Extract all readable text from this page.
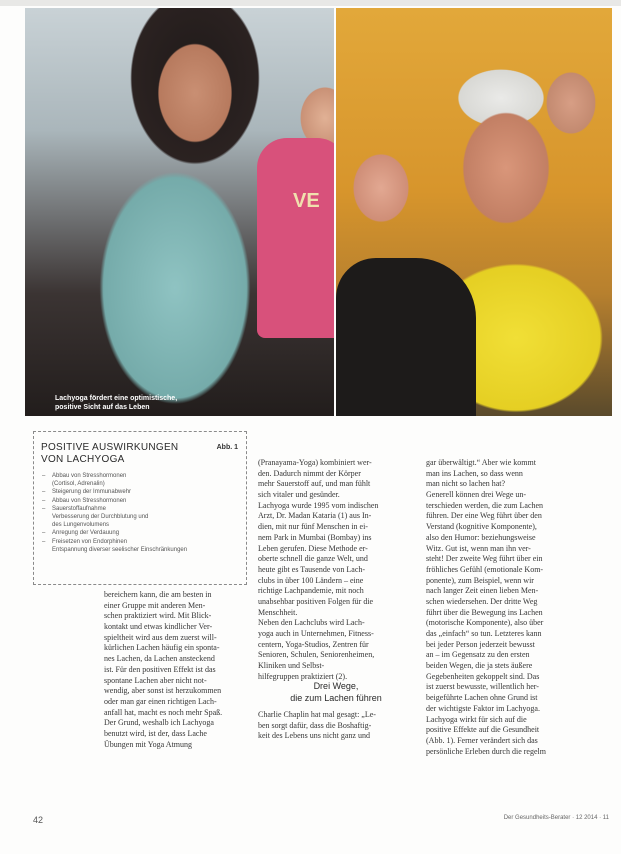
VE
Lachyoga fördert eine optimistische,
positive Sicht auf das Leben
POSITIVE AUSWIRKUNGEN VON LACHYOGA
Abb. 1
– Abbau von Stresshormonen
(Cortisol, Adrenalin)
– Steigerung der Immunabwehr
– Abbau von Stresshormonen
– Sauerstoffaufnahme
Verbesserung der Durchblutung und
des Lungenvolumens
– Anregung der Verdauung
– Freisetzen von Endorphinen
Entspannung diverser seelischer Einschränkungen
bereichern kann, die am besten in
einer Gruppe mit anderen Men-
schen praktiziert wird. Mit Blick-
kontakt und etwas kindlicher Ver-
spieltheit wird aus dem zuerst will-
kürlichen Lachen häufig ein sponta-
nes Lachen, da Lachen ansteckend
ist. Für den positiven Effekt ist das
spontane Lachen aber nicht not-
wendig, aber sonst ist herzukommen
oder man gar einen richtigen Lach-
anfall hat, macht es noch mehr Spaß.
Der Grund, weshalb ich Lachyoga
benutzt wird, ist der, dass Lache
Übungen mit Yoga Atmung
(Pranayama-Yoga) kombiniert wer-
den. Dadurch nimmt der Körper
mehr Sauerstoff auf, und man fühlt
sich vitaler und gesünder.
Lachyoga wurde 1995 vom indischen
Arzt, Dr. Madan Kataria (1) aus In-
dien, mit nur fünf Menschen in ei-
nem Park in Mumbai (Bombay) ins
Leben gerufen. Diese Methode er-
oberte schnell die ganze Welt, und
heute gibt es Tausende von Lach-
clubs in über 100 Ländern – eine
richtige Lachpandemie, mit noch
unabsehbar positiven Folgen für die
Menschheit.
Neben den Lachclubs wird Lach-
yoga auch in Unternehmen, Fitness-
centern, Yoga-Studios, Zentren für
Senioren, Schulen, Seniorenheimen,
Kliniken und Selbst-
hilfegruppen praktiziert (2).
Drei Wege,
die zum Lachen führen
Charlie Chaplin hat mal gesagt: „Le-
ben sorgt dafür, dass die Boshaftig-
keit des Lebens uns nicht ganz und
gar überwältigt.“ Aber wie kommt
man ins Lachen, so dass wenn
man nicht so lachen hat?
Generell können drei Wege un-
terschieden werden, die zum Lachen
führen. Der eine Weg führt über den
Verstand (kognitive Komponente),
also den Humor: beziehungsweise
Witz. Gut ist, wenn man ihn ver-
steht! Der zweite Weg führt über ein
fröhliches Gefühl (emotionale Kom-
ponente), zum Beispiel, wenn wir
nach langer Zeit einen lieben Men-
schen wiedersehen. Der dritte Weg
führt über die Bewegung ins Lachen
(motorische Komponente), also über
das „einfach“ so tun. Letzteres kann
bei jeder Person jederzeit bewusst
an – im Gegensatz zu den ersten
beiden Wegen, die ja stets äußere
Gegebenheiten gekoppelt sind. Das
ist zuerst bewusste, willentlich her-
beigeführte Lachen ohne Grund ist
der wichtigste Faktor im Lachyoga.
Lachyoga wirkt für sich auf die
positive Effekte auf die Gesundheit
(Abb. 1). Ferner verändert sich das
persönliche Erleben durch die regelm
42	Der Gesundheits-Berater · 12 2014 · 11
